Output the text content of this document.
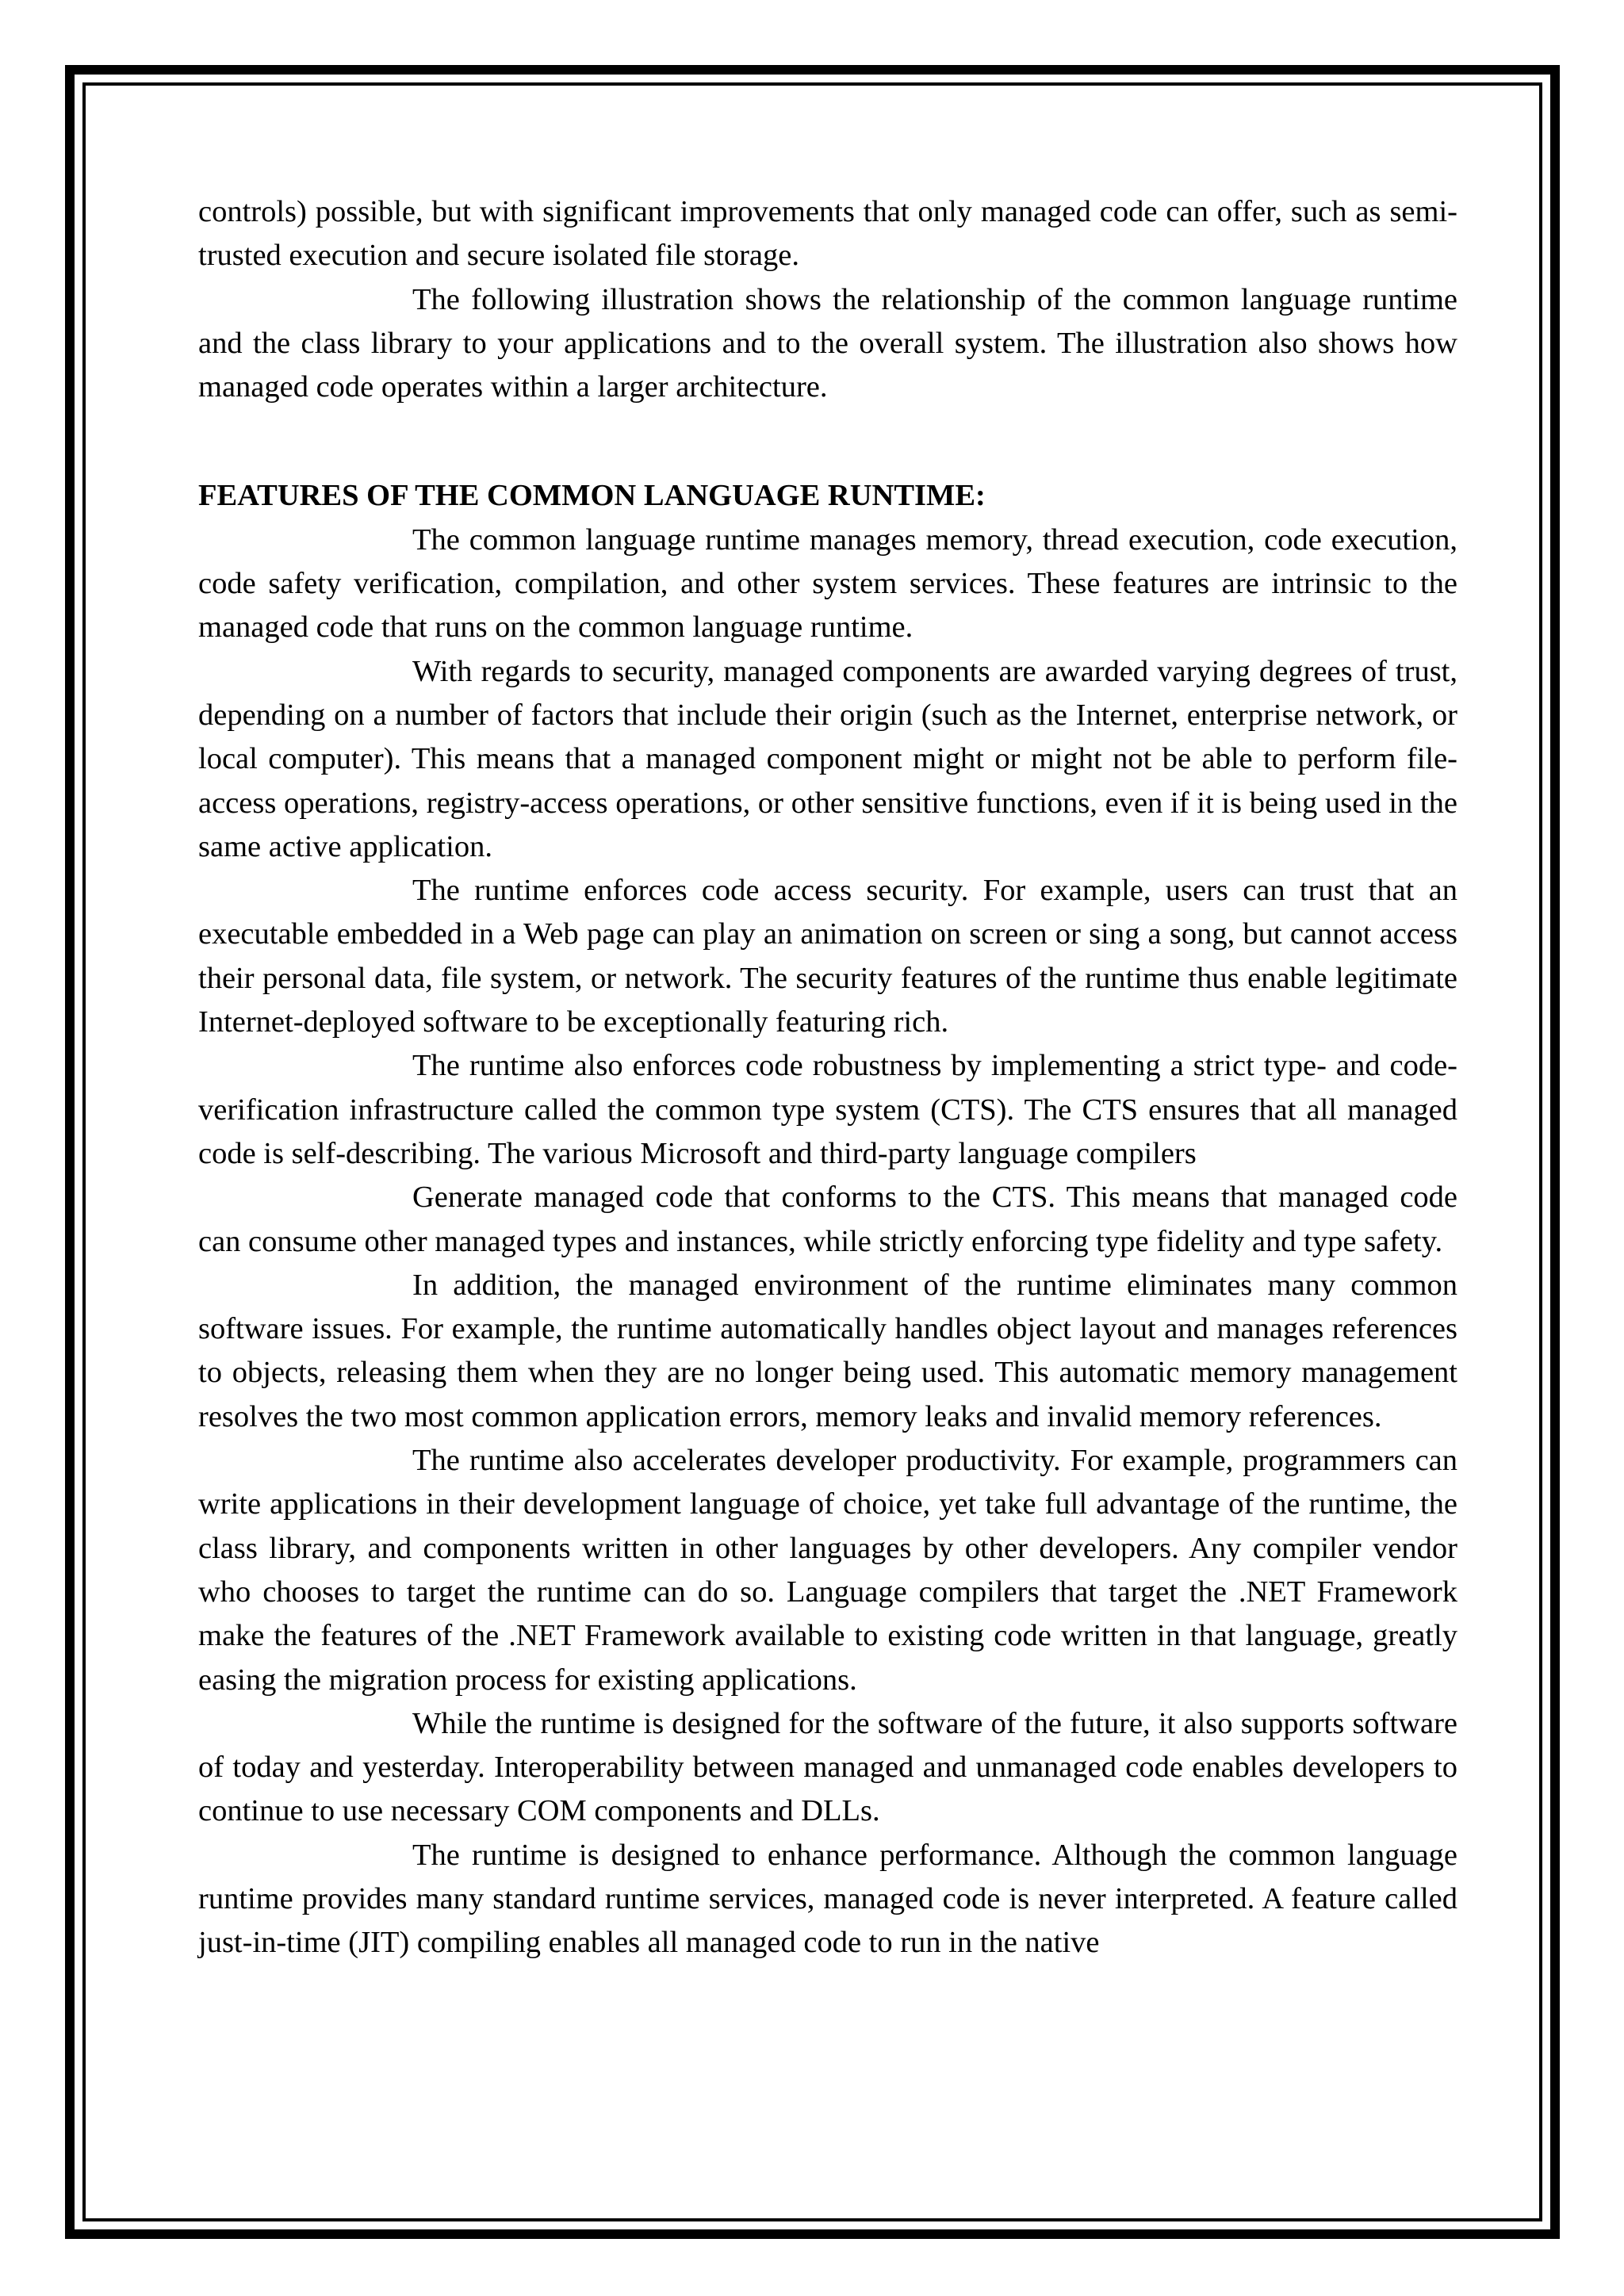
controls) possible, but with significant improvements that only managed code can offer, such as semi-trusted execution and secure isolated file storage.

The following illustration shows the relationship of the common language runtime and the class library to your applications and to the overall system. The illustration also shows how managed code operates within a larger architecture.

FEATURES OF THE COMMON LANGUAGE RUNTIME:

The common language runtime manages memory, thread execution, code execution, code safety verification, compilation, and other system services. These features are intrinsic to the managed code that runs on the common language runtime.

With regards to security, managed components are awarded varying degrees of trust, depending on a number of factors that include their origin (such as the Internet, enterprise network, or local computer). This means that a managed component might or might not be able to perform file-access operations, registry-access operations, or other sensitive functions, even if it is being used in the same active application.

The runtime enforces code access security. For example, users can trust that an executable embedded in a Web page can play an animation on screen or sing a song, but cannot access their personal data, file system, or network. The security features of the runtime thus enable legitimate Internet-deployed software to be exceptionally featuring rich.

The runtime also enforces code robustness by implementing a strict type- and code-verification infrastructure called the common type system (CTS). The CTS ensures that all managed code is self-describing. The various Microsoft and third-party language compilers

Generate managed code that conforms to the CTS. This means that managed code can consume other managed types and instances, while strictly enforcing type fidelity and type safety.

In addition, the managed environment of the runtime eliminates many common software issues. For example, the runtime automatically handles object layout and manages references to objects, releasing them when they are no longer being used. This automatic memory management resolves the two most common application errors, memory leaks and invalid memory references.

The runtime also accelerates developer productivity. For example, programmers can write applications in their development language of choice, yet take full advantage of the runtime, the class library, and components written in other languages by other developers. Any compiler vendor who chooses to target the runtime can do so. Language compilers that target the .NET Framework make the features of the .NET Framework available to existing code written in that language, greatly easing the migration process for existing applications.

While the runtime is designed for the software of the future, it also supports software of today and yesterday. Interoperability between managed and unmanaged code enables developers to continue to use necessary COM components and DLLs.

The runtime is designed to enhance performance. Although the common language runtime provides many standard runtime services, managed code is never interpreted. A feature called just-in-time (JIT) compiling enables all managed code to run in the native
